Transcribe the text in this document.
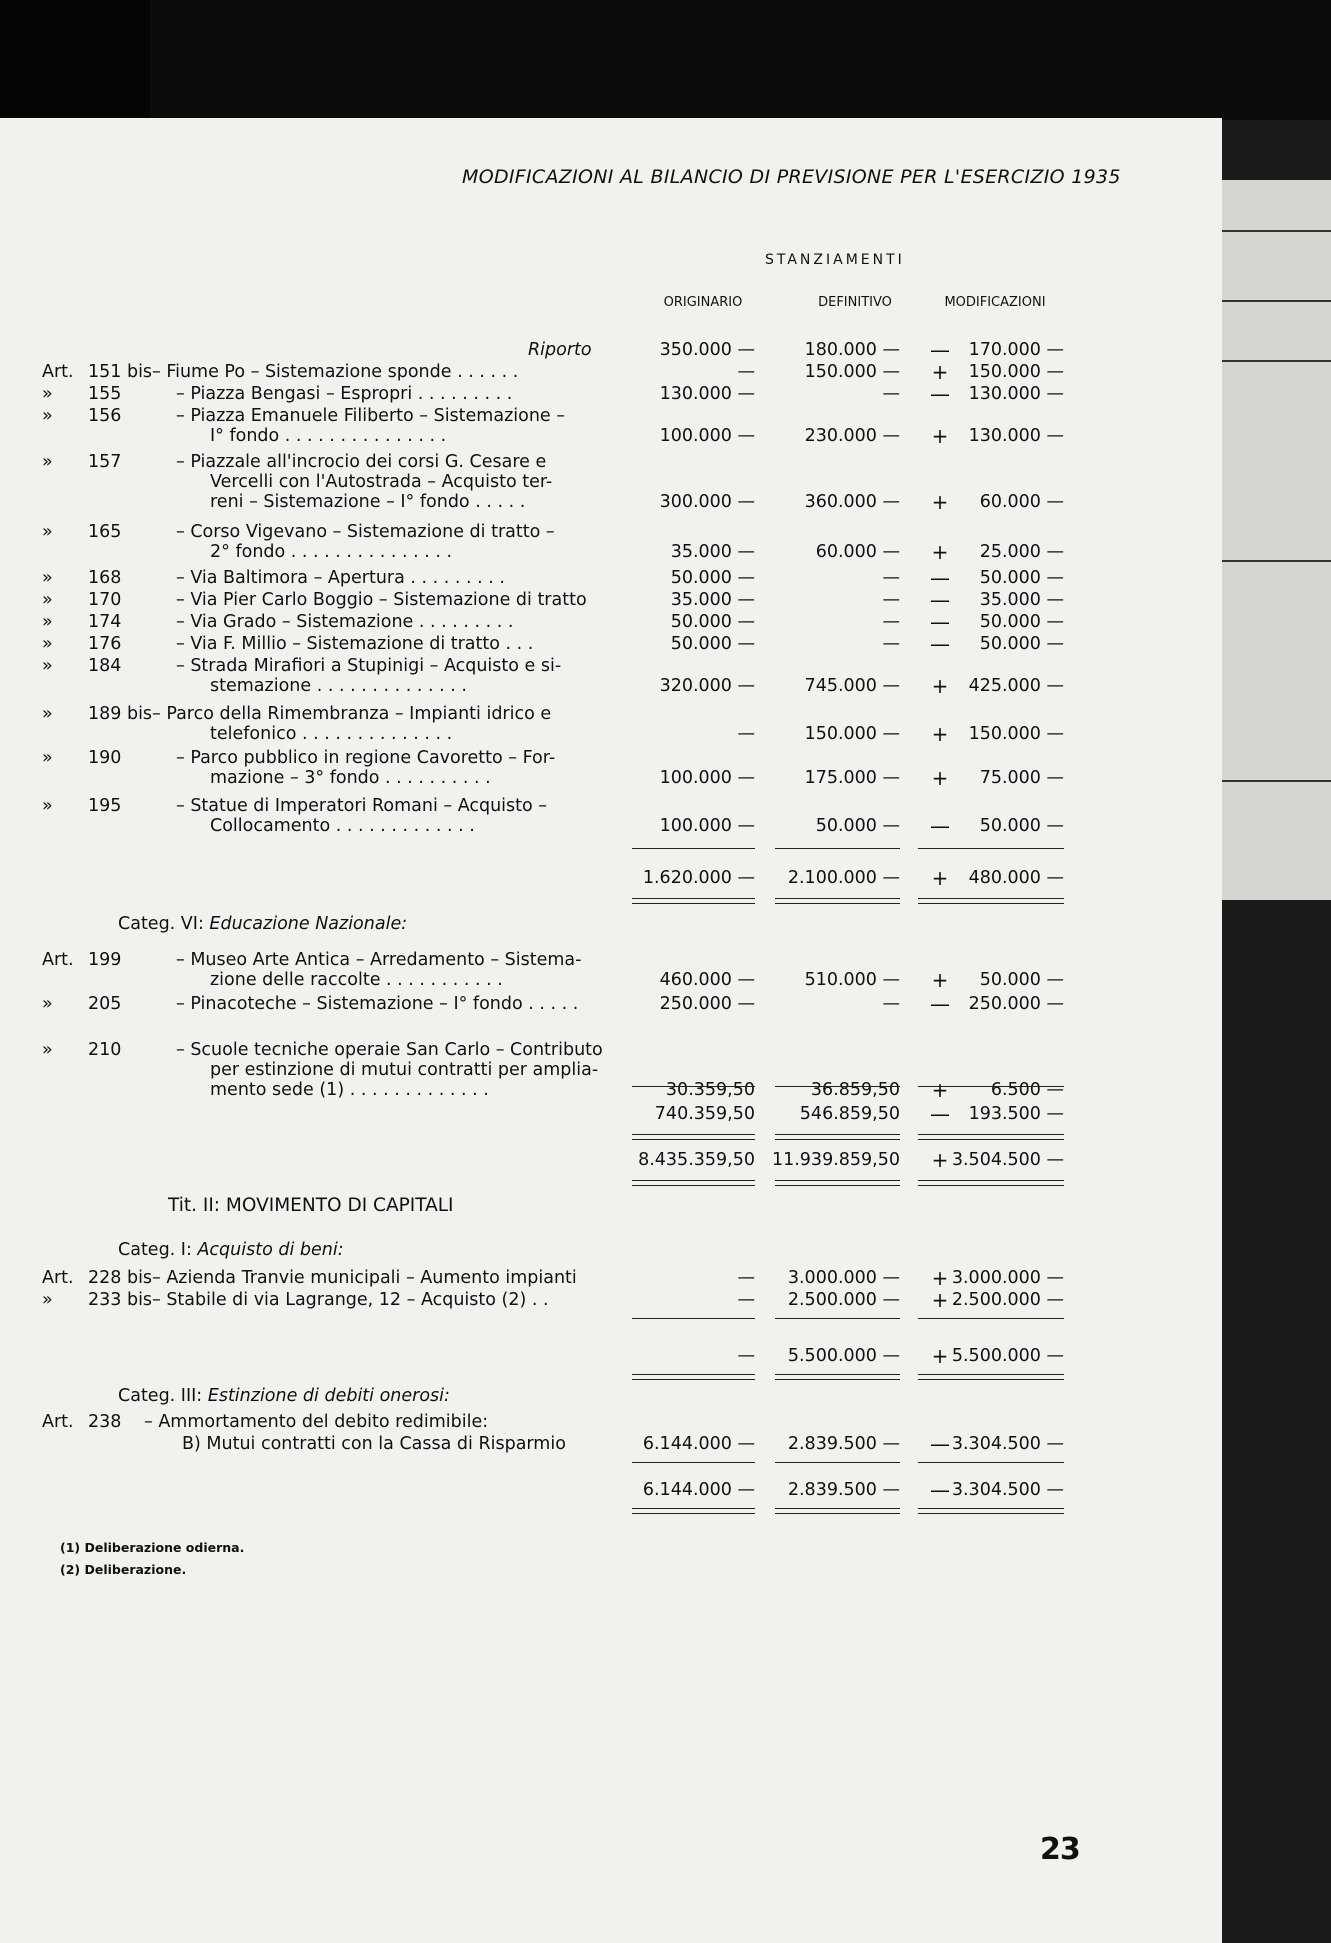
MODIFICAZIONI AL BILANCIO DI PREVISIONE PER L'ESERCIZIO 1935
STANZIAMENTI
ORIGINARIO	DEFINITIVO	MODIFICAZIONI
Riporto	350.000 —	180.000 — —	170.000 —
Art. 151 bis – Fiume Po – Sistemazione sponde . . . . . .	—	150.000 — +	150.000 —
» 155	– Piazza Bengasi – Espropri . . . . . . . . .	130.000 —	— —	130.000 —
» 156	– Piazza Emanuele Filiberto – Sistemazione –
I° fondo . . . . . . . . . . . . . . .	100.000 —	230.000 — +	130.000 —
» 157	– Piazzale all'incrocio dei corsi G. Cesare e
Vercelli con l'Autostrada – Acquisto ter-
reni – Sistemazione – I° fondo . . . . .	300.000 —	360.000 — +	60.000 —
» 165	– Corso Vigevano – Sistemazione di tratto –
2° fondo . . . . . . . . . . . . . . .	35.000 —	60.000 — +	25.000 —
» 168	– Via Baltimora – Apertura . . . . . . . . .	50.000 —	— —	50.000 —
» 170	– Via Pier Carlo Boggio – Sistemazione di tratto	35.000 —	— —	35.000 —
» 174	– Via Grado – Sistemazione . . . . . . . . .	50.000 —	— —	50.000 —
» 176	– Via F. Millio – Sistemazione di tratto . . .	50.000 —	— —	50.000 —
» 184	– Strada Mirafiori a Stupinigi – Acquisto e si-
stemazione . . . . . . . . . . . . . .	320.000 —	745.000 — +	425.000 —
» 189 bis – Parco della Rimembranza – Impianti idrico e
telefonico . . . . . . . . . . . . . .	—	150.000 — +	150.000 —
» 190	– Parco pubblico in regione Cavoretto – For-
mazione – 3° fondo . . . . . . . . . .	100.000 —	175.000 — +	75.000 —
» 195	– Statue di Imperatori Romani – Acquisto –
Collocamento . . . . . . . . . . . . .	100.000 —	50.000 — —	50.000 —
1.620.000 —	2.100.000 — +	480.000 —
Categ. VI: Educazione Nazionale:
Art. 199	– Museo Arte Antica – Arredamento – Sistema-
zione delle raccolte . . . . . . . . . . .	460.000 —	510.000 — +	50.000 —
» 205	– Pinacoteche – Sistemazione – I° fondo . . . . .	250.000 —	— —	250.000 —
» 210	– Scuole tecniche operaie San Carlo – Contributo
per estinzione di mutui contratti per amplia-
mento sede (1) . . . . . . . . . . . . .	30.359,50	36.859,50 +	6.500 —
740.359,50	546.859,50 —	193.500 —
8.435.359,50 11.939.859,50 + 3.504.500 —
Tit. II: MOVIMENTO DI CAPITALI
Categ. I: Acquisto di beni:
Art. 228 bis – Azienda Tranvie municipali – Aumento impianti	—	3.000.000 — + 3.000.000 —
» 233 bis – Stabile di via Lagrange, 12 – Acquisto (2) . .	—	2.500.000 — + 2.500.000 —
—	5.500.000 — + 5.500.000 —
Categ. III: Estinzione di debiti onerosi:
Art. 238 – Ammortamento del debito redimibile:
B) Mutui contratti con la Cassa di Risparmio	6.144.000 —	2.839.500 — — 3.304.500 —
6.144.000 —	2.839.500 — — 3.304.500 —
(1) Deliberazione odierna.
(2) Deliberazione.
23
